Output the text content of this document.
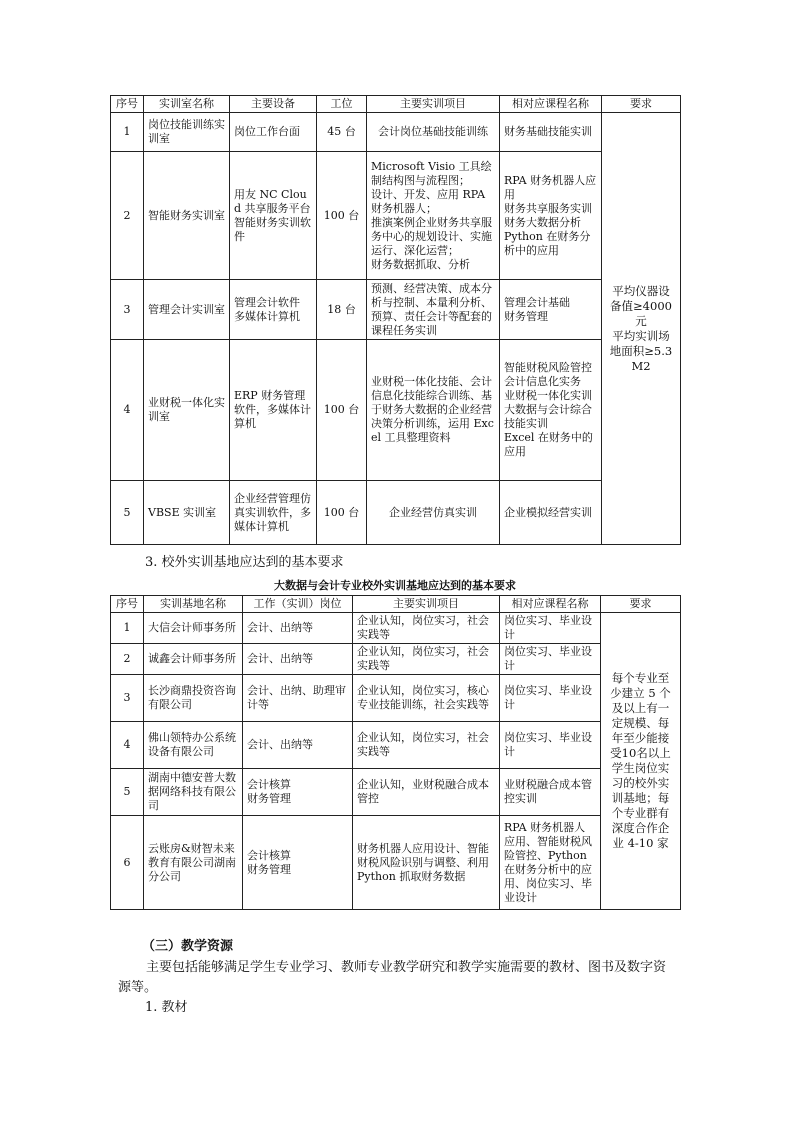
序号	实训室名称	主要设备	工位	主要实训项目	相对应课程名称	要求
1	岗位技能训练实训室	岗位工作台面	45 台	会计岗位基础技能训练	财务基础技能实训	平均仪器设备值≥4000 元
平均实训场地面积≥5.3M2
2	智能财务实训室	用友 NC Cloud 共享服务平台
智能财务实训软件	100 台	Microsoft Visio 工具绘制结构图与流程图；
设计、开发、应用 RPA 财务机器人；
推演案例企业财务共享服务中心的规划设计、实施运行、深化运营；
财务数据抓取、分析	RPA 财务机器人应用
财务共享服务实训
财务大数据分析
Python 在财务分析中的应用	
3	管理会计实训室	管理会计软件
多媒体计算机	18 台	预测、经营决策、成本分析与控制、本量利分析、预算、责任会计等配套的课程任务实训	管理会计基础
财务管理	
4	业财税一体化实训室	ERP 财务管理软件，多媒体计算机	100 台	业财税一体化技能、会计信息化技能综合训练、基于财务大数据的企业经营决策分析训练，运用 Excel 工具整理资料	智能财税风险管控
会计信息化实务
业财税一体化实训
大数据与会计综合技能实训
Excel 在财务中的应用	
5	VBSE 实训室	企业经营管理仿真实训软件，多媒体计算机	100 台	企业经营仿真实训	企业模拟经营实训	
3. 校外实训基地应达到的基本要求
大数据与会计专业校外实训基地应达到的基本要求
序号	实训基地名称	工作（实训）岗位	主要实训项目	相对应课程名称	要求
1	大信会计师事务所	会计、出纳等	企业认知，岗位实习，社会实践等	岗位实习、毕业设计	每个专业至少建立 5 个及以上有一定规模、每年至少能接受10名以上学生岗位实习的校外实训基地；每个专业群有深度合作企业 4-10 家
2	诚鑫会计师事务所	会计、出纳等	企业认知，岗位实习，社会实践等	岗位实习、毕业设计	
3	长沙商鼎投资咨询有限公司	会计、出纳、助理审计等	企业认知，岗位实习，核心专业技能训练，社会实践等	岗位实习、毕业设计	
4	佛山领特办公系统设备有限公司	会计、出纳等	企业认知，岗位实习，社会实践等	岗位实习、毕业设计	
5	湖南中德安普大数据网络科技有限公司	会计核算
财务管理	企业认知，业财税融合成本管控	业财税融合成本管控实训	
6	云账房&财智未来教育有限公司湖南分公司	会计核算
财务管理	财务机器人应用设计、智能财税风险识别与调整、利用 Python 抓取财务数据	RPA 财务机器人应用、智能财税风险管控、Python 在财务分析中的应用、岗位实习、毕业设计	
（三）教学资源
主要包括能够满足学生专业学习、教师专业教学研究和教学实施需要的教材、图书及数字资源等。
1. 教材
